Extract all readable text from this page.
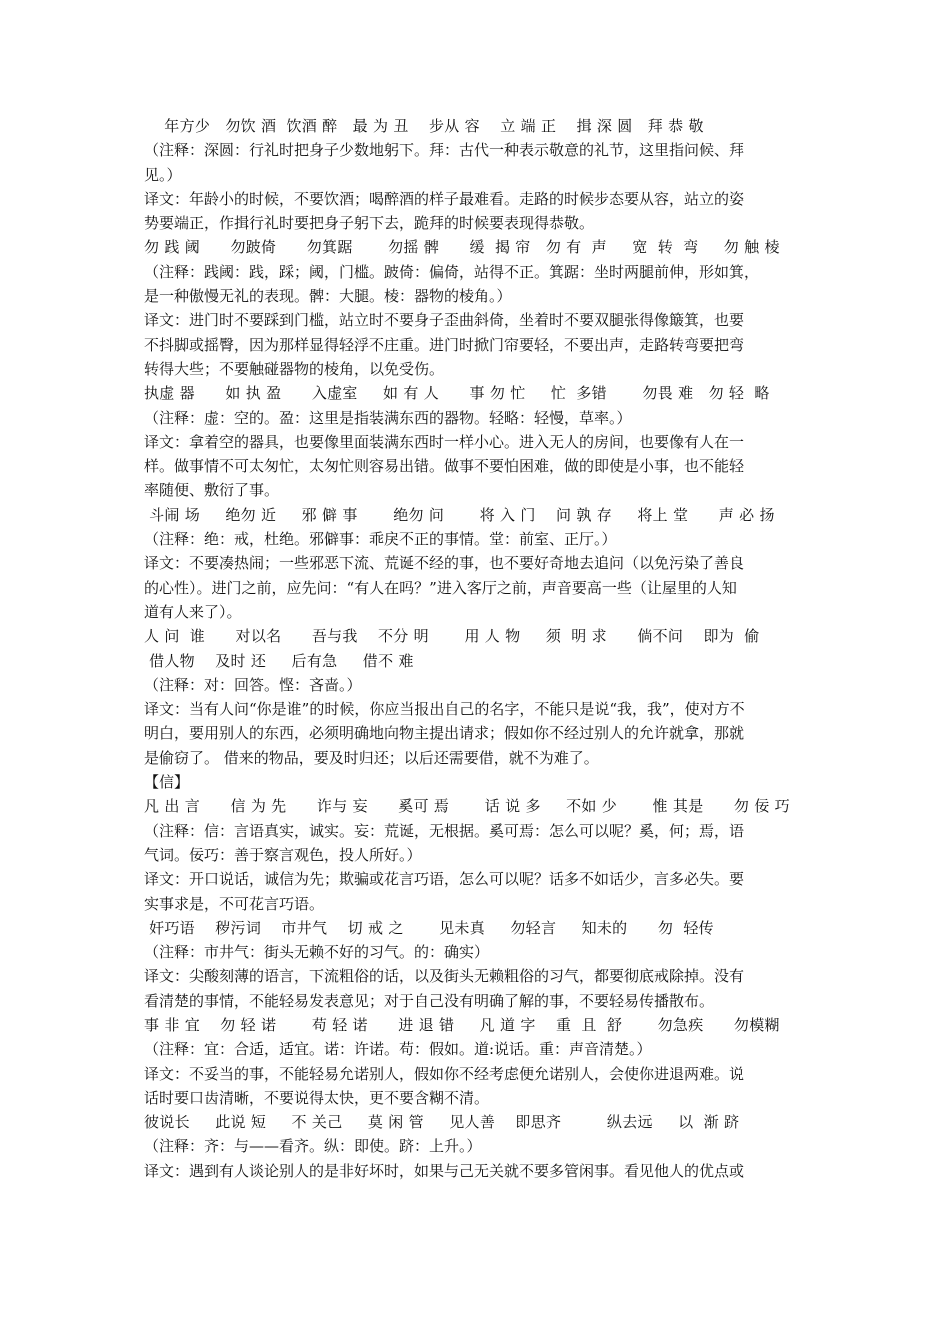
年方少   勿饮 酒  饮酒 醉   最 为 丑    步从 容    立 端 正    揖 深 圆   拜 恭 敬
（注释：深圆：行礼时把身子少数地躬下。拜：古代一种表示敬意的礼节，这里指问候、拜
见。）
译文：年龄小的时候，不要饮酒；喝醉酒的样子最难看。走路的时候步态要从容，站立的姿
势要端正，作揖行礼时要把身子躬下去，跪拜的时候要表现得恭敬。
勿 践 阈      勿跛倚      勿箕踞       勿摇 髀      缓  揭 帘   勿 有  声     宽  转  弯     勿 触 棱
（注释：践阈：践，踩；阈，门槛。跛倚：偏倚，站得不正。箕踞：坐时两腿前伸，形如箕，
是一种傲慢无礼的表现。髀：大腿。棱：器物的棱角。）
译文：进门时不要踩到门槛，站立时不要身子歪曲斜倚，坐着时不要双腿张得像簸箕，也要
不抖脚或摇臀，因为那样显得轻浮不庄重。进门时掀门帘要轻，不要出声，走路转弯要把弯
转得大些；不要触碰器物的棱角，以免受伤。
执虚 器      如 执 盈      入虚室     如 有 人      事 勿 忙     忙  多错       勿畏 难   勿 轻  略
（注释：虚：空的。盈：这里是指装满东西的器物。轻略：轻慢，草率。）
译文：拿着空的器具，也要像里面装满东西时一样小心。进入无人的房间，也要像有人在一
样。做事情不可太匆忙，太匆忙则容易出错。做事不要怕困难，做的即使是小事，也不能轻
率随便、敷衍了事。
斗闹 场     绝勿 近     邪 僻 事       绝勿 问       将 入 门    问 孰 存     将上 堂      声 必 扬
（注释：绝：戒，杜绝。邪僻事：乖戾不正的事情。堂：前室、正厅。）
译文：不要凑热闹；一些邪恶下流、荒诞不经的事，也不要好奇地去追问（以免污染了善良
的心性）。进门之前，应先问：“有人在吗？”进入客厅之前，声音要高一些（让屋里的人知
道有人来了）。
人 问  谁      对以名      吾与我    不分 明       用 人 物     须  明 求      倘不问    即为  偷
借人物    及时 还     后有急     借不 难
（注释：对：回答。悭：吝啬。）
译文：当有人问“你是谁”的时候，你应当报出自己的名字，不能只是说“我，我”，使对方不
明白，要用别人的东西，必须明确地向物主提出请求；假如你不经过别人的允许就拿，那就
是偷窃了。 借来的物品，要及时归还；以后还需要借，就不为难了。
【信】
凡 出 言      信 为 先      诈与 妄      奚可 焉       话 说 多     不如 少       惟 其是      勿 佞 巧
（注释：信：言语真实，诚实。妄：荒诞，无根据。奚可焉：怎么可以呢？奚，何；焉，语
气词。佞巧：善于察言观色，投人所好。）
译文：开口说话，诚信为先；欺骗或花言巧语，怎么可以呢？话多不如话少，言多必失。要
实事求是，不可花言巧语。
奸巧语    秽污词    市井气    切 戒 之       见未真     勿轻言     知未的      勿  轻传
（注释：市井气：街头无赖不好的习气。的：确实）
译文：尖酸刻薄的语言，下流粗俗的话，以及街头无赖粗俗的习气，都要彻底戒除掉。没有
看清楚的事情，不能轻易发表意见；对于自己没有明确了解的事，不要轻易传播散布。
事 非 宜    勿 轻 诺       苟 轻 诺      进 退 错     凡 道 字    重  且  舒       勿急疾      勿模糊
（注释：宜：合适，适宜。诺：许诺。苟：假如。道:说话。重：声音清楚。）
译文：不妥当的事，不能轻易允诺别人，假如你不经考虑便允诺别人，会使你进退两难。说
话时要口齿清晰，不要说得太快，更不要含糊不清。
彼说长     此说 短     不 关己     莫 闲 管     见人善    即思齐         纵去远     以  渐 跻
（注释：齐：与——看齐。纵：即使。跻：上升。）
译文：遇到有人谈论别人的是非好坏时，如果与己无关就不要多管闲事。看见他人的优点或
